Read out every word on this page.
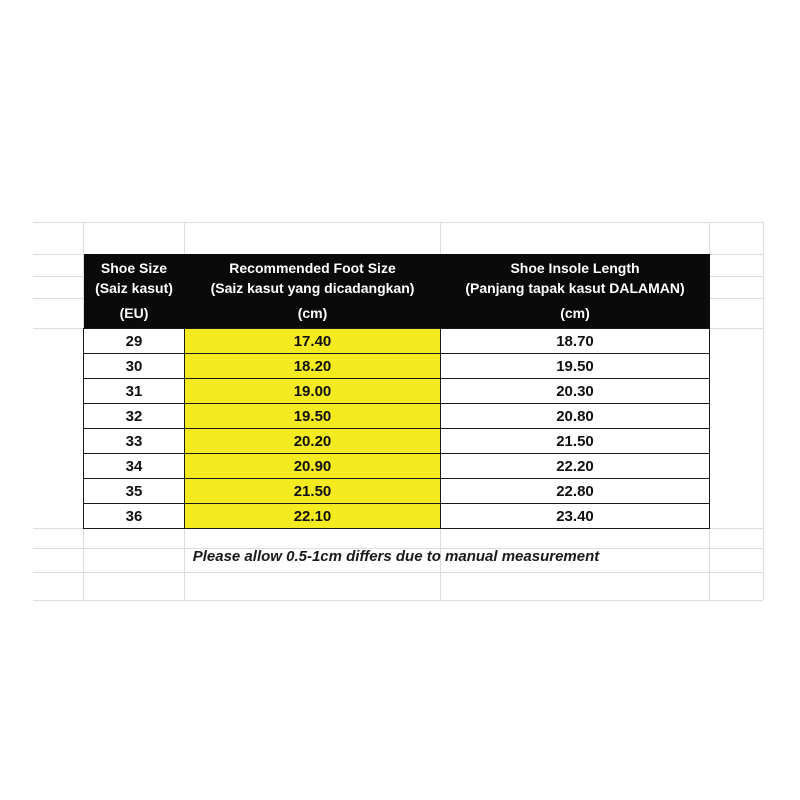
Shoe Size	Recommended Foot Size	Shoe Insole Length
(Saiz kasut)	(Saiz kasut yang dicadangkan)	(Panjang tapak kasut DALAMAN)
(EU)	(cm)	(cm)
29	17.40	18.70
30	18.20	19.50
31	19.00	20.30
32	19.50	20.80
33	20.20	21.50
34	20.90	22.20
35	21.50	22.80
36	22.10	23.40
Please allow 0.5-1cm differs due to manual measurement
